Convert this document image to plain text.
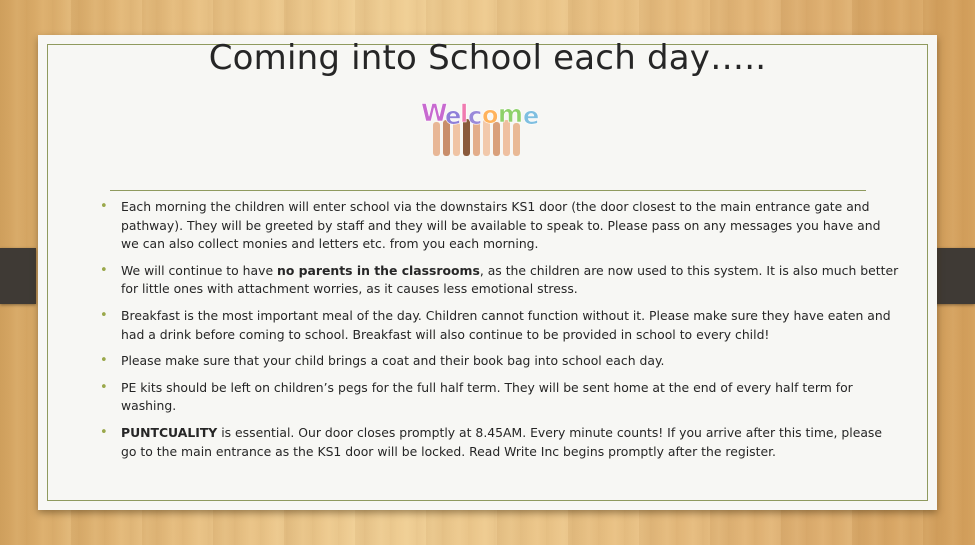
Coming into School each day…..
W
e
l c o m e
• Each morning the children will enter school via the downstairs KS1 door (the door closest to the main entrance gate and pathway). They will be greeted by staff and they will be available to speak to. Please pass on any messages you have and we can also collect monies and letters etc. from you each morning.
• We will continue to have no parents in the classrooms, as the children are now used to this system. It is also much better for little ones with attachment worries, as it causes less emotional stress.
• Breakfast is the most important meal of the day. Children cannot function without it. Please make sure they have eaten and had a drink before coming to school. Breakfast will also continue to be provided in school to every child!
• Please make sure that your child brings a coat and their book bag into school each day.
• PE kits should be left on children’s pegs for the full half term. They will be sent home at the end of every half term for washing.
• PUNTCUALITY is essential. Our door closes promptly at 8.45AM. Every minute counts! If you arrive after this time, please go to the main entrance as the KS1 door will be locked. Read Write Inc begins promptly after the register.
